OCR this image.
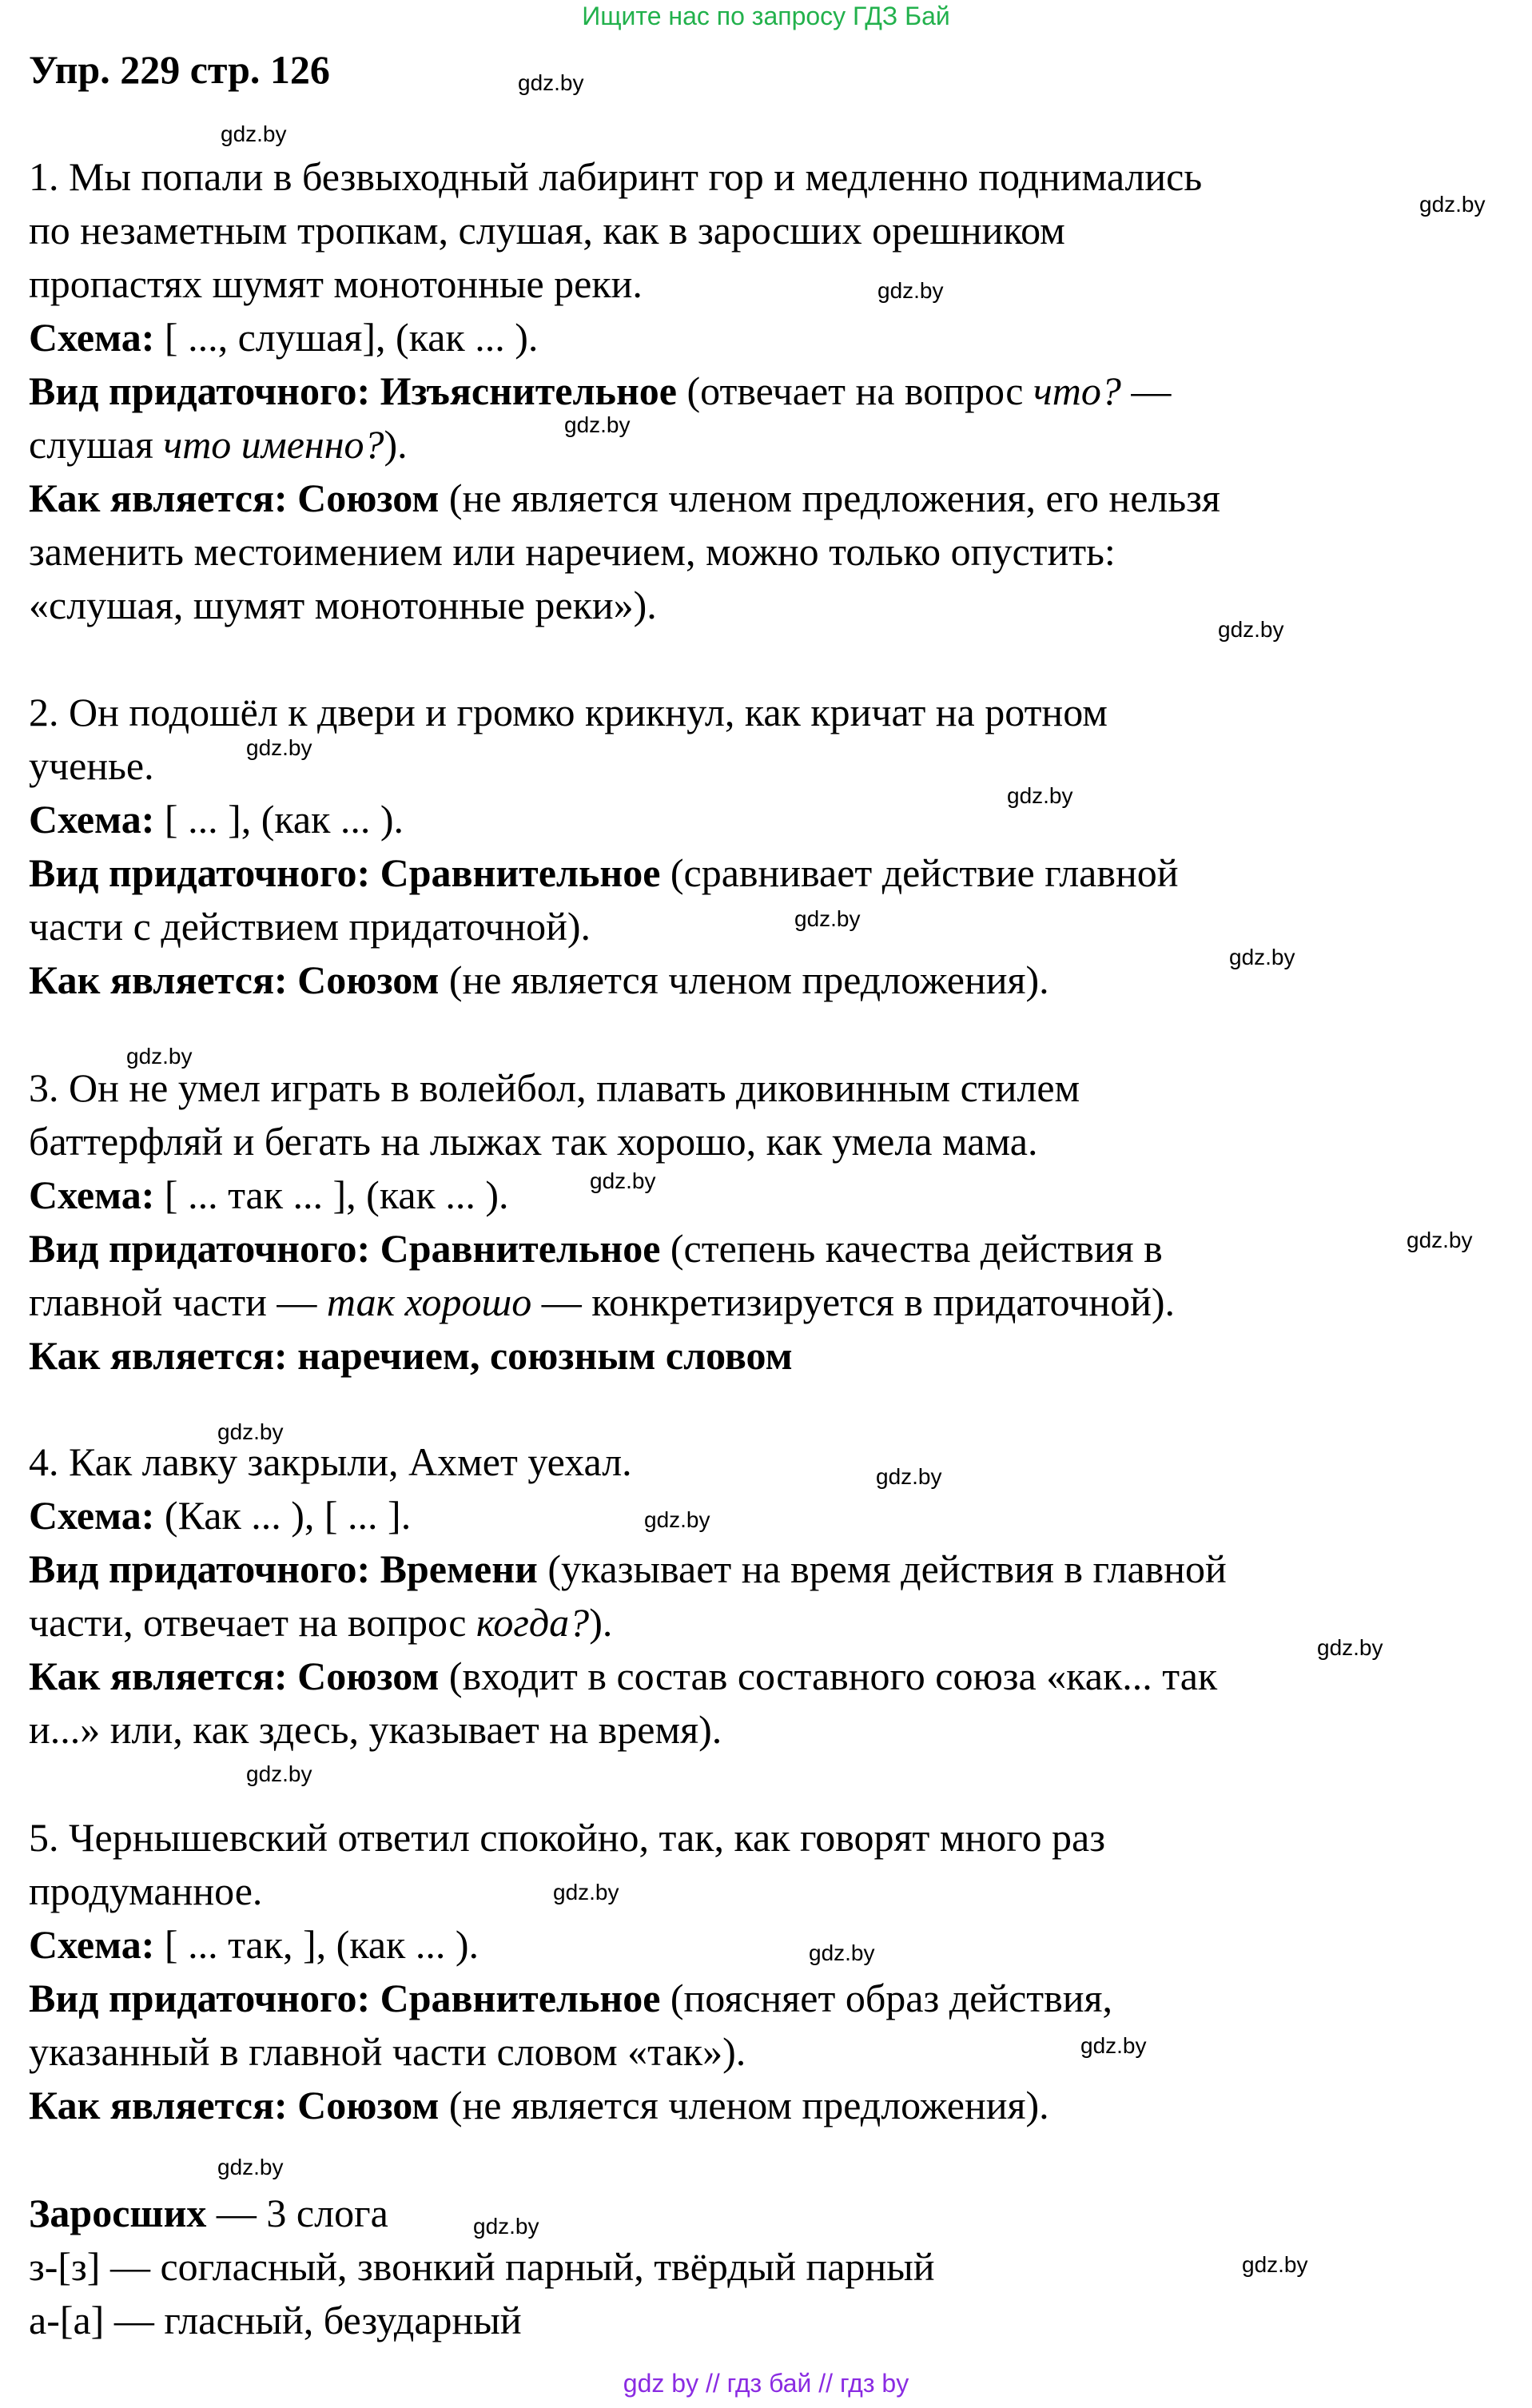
Ищите нас по запросу ГДЗ Бай
Упр. 229 стр. 126
1. Мы попали в безвыходный лабиринт гор и медленно поднимались
по незаметным тропкам, слушая, как в заросших орешником
пропастях шумят монотонные реки.
Схема: [ ..., слушая], (как ... ).
Вид придаточного: Изъяснительное (отвечает на вопрос что? —
слушая что именно?).
Как является: Союзом (не является членом предложения, его нельзя
заменить местоимением или наречием, можно только опустить:
«слушая, шумят монотонные реки»).
2. Он подошёл к двери и громко крикнул, как кричат на ротном
ученье.
Схема: [ ... ], (как ... ).
Вид придаточного: Сравнительное (сравнивает действие главной
части с действием придаточной).
Как является: Союзом (не является членом предложения).
3. Он не умел играть в волейбол, плавать диковинным стилем
баттерфляй и бегать на лыжах так хорошо, как умела мама.
Схема: [ ... так ... ], (как ... ).
Вид придаточного: Сравнительное (степень качества действия в
главной части — так хорошо — конкретизируется в придаточной).
Как является: наречием, союзным словом
4. Как лавку закрыли, Ахмет уехал.
Схема: (Как ... ), [ ... ].
Вид придаточного: Времени (указывает на время действия в главной
части, отвечает на вопрос когда?).
Как является: Союзом (входит в состав составного союза «как... так
и...» или, как здесь, указывает на время).
5. Чернышевский ответил спокойно, так, как говорят много раз
продуманное.
Схема: [ ... так, ], (как ... ).
Вид придаточного: Сравнительное (поясняет образ действия,
указанный в главной части словом «так»).
Как является: Союзом (не является членом предложения).
Заросших — 3 слога
з-[з] — согласный, звонкий парный, твёрдый парный
а-[а] — гласный, безударный
gdz.by
gdz.by
gdz.by
gdz.by
gdz.by
gdz.by
gdz.by
gdz.by
gdz.by
gdz.by
gdz.by
gdz.by
gdz.by
gdz.by
gdz.by
gdz.by
gdz.by
gdz.by
gdz.by
gdz.by
gdz.by
gdz.by
gdz.by
gdz.by
gdz by // гдз бай // гдз by
